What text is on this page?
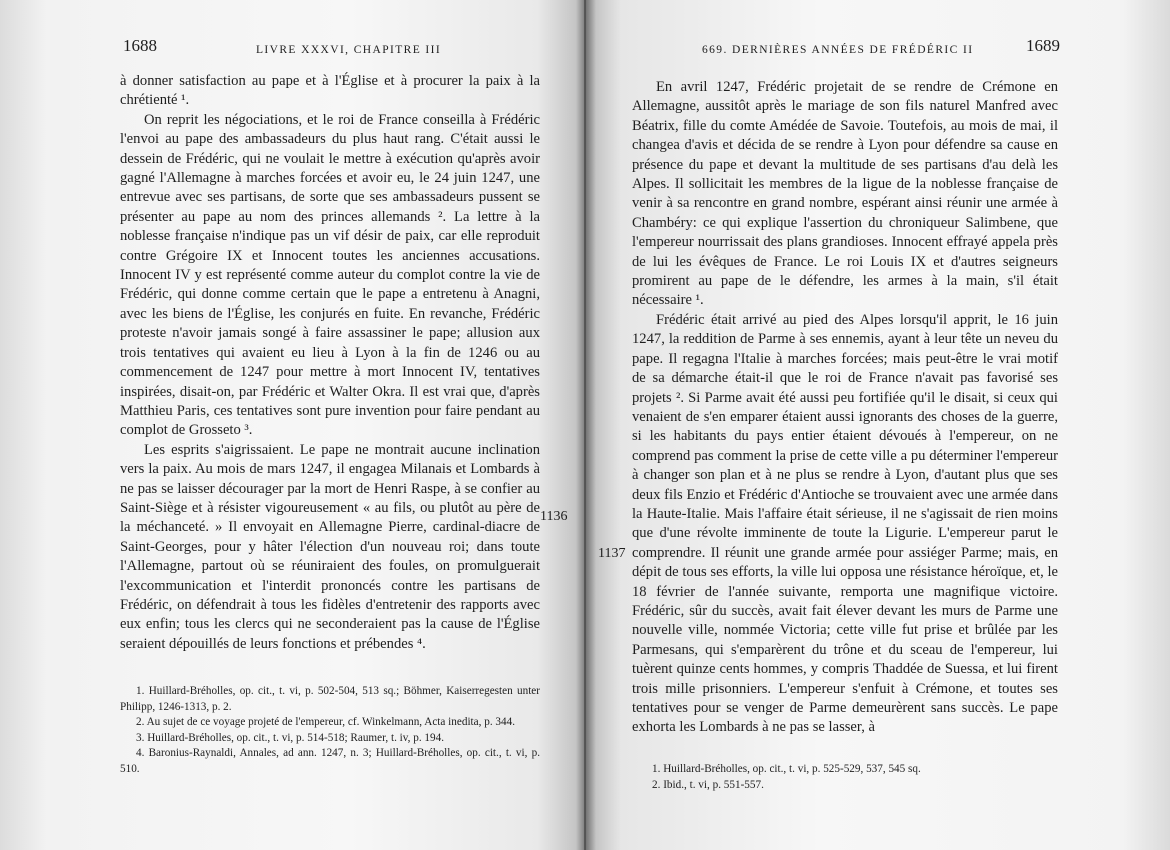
1688	LIVRE XXXVI, CHAPITRE III

à donner satisfaction au pape et à l'Église et à procurer la paix à la chrétienté ¹.

On reprit les négociations, et le roi de France conseilla à Frédéric l'envoi au pape des ambassadeurs du plus haut rang. C'était aussi le dessein de Frédéric, qui ne voulait le mettre à exécution qu'après avoir gagné l'Allemagne à marches forcées et avoir eu, le 24 juin 1247, une entrevue avec ses partisans, de sorte que ses ambassadeurs pussent se présenter au pape au nom des princes allemands ². La lettre à la noblesse française n'indique pas un vif désir de paix, car elle reproduit contre Grégoire IX et Innocent toutes les anciennes accusations. Innocent IV y est représenté comme auteur du complot contre la vie de Frédéric, qui donne comme certain que le pape a entretenu à Anagni, avec les biens de l'Église, les conjurés en fuite. En revanche, Frédéric proteste n'avoir jamais songé à faire assassiner le pape; allusion aux trois tentatives qui avaient eu lieu à Lyon à la fin de 1246 ou au commencement de 1247 pour mettre à mort Innocent IV, tentatives inspirées, disait-on, par Frédéric et Walter Okra. Il est vrai que, d'après Matthieu Paris, ces tentatives sont pure invention pour faire pendant au complot de Grosseto ³.

Les esprits s'aigrissaient. Le pape ne montrait aucune inclination vers la paix. Au mois de mars 1247, il engagea Milanais et Lombards à ne pas se laisser décourager par la mort de Henri Raspe, à se confier au Saint-Siège et à résister vigoureusement « au fils, ou plutôt au père de la méchanceté. » Il envoyait en Allemagne Pierre, cardinal-diacre de Saint-Georges, pour y hâter l'élection d'un nouveau roi; dans toute l'Allemagne, partout où se réuniraient des foules, on promulguerait l'excommunication et l'interdit prononcés contre les partisans de Frédéric, on défendrait à tous les fidèles d'entretenir des rapports avec eux enfin; tous les clercs qui ne seconderaient pas la cause de l'Église seraient dépouillés de leurs fonctions et prébendes ⁴.

1136

1. Huillard-Bréholles, op. cit., t. vi, p. 502-504, 513 sq.; Böhmer, Kaiserregesten unter Philipp, 1246-1313, p. 2.

2. Au sujet de ce voyage projeté de l'empereur, cf. Winkelmann, Acta inedita, p. 344.

3. Huillard-Bréholles, op. cit., t. vi, p. 514-518; Raumer, t. iv, p. 194.

4. Baronius-Raynaldi, Annales, ad ann. 1247, n. 3; Huillard-Bréholles, op. cit., t. vi, p. 510.

669. DERNIÈRES ANNÉES DE FRÉDÉRIC II	1689
1137

En avril 1247, Frédéric projetait de se rendre de Crémone en Allemagne, aussitôt après le mariage de son fils naturel Manfred avec Béatrix, fille du comte Amédée de Savoie. Toutefois, au mois de mai, il changea d'avis et décida de se rendre à Lyon pour défendre sa cause en présence du pape et devant la multitude de ses partisans d'au delà les Alpes. Il sollicitait les membres de la ligue de la noblesse française de venir à sa rencontre en grand nombre, espérant ainsi réunir une armée à Chambéry: ce qui explique l'assertion du chroniqueur Salimbene, que l'empereur nourrissait des plans grandioses. Innocent effrayé appela près de lui les évêques de France. Le roi Louis IX et d'autres seigneurs promirent au pape de le défendre, les armes à la main, s'il était nécessaire ¹.

Frédéric était arrivé au pied des Alpes lorsqu'il apprit, le 16 juin 1247, la reddition de Parme à ses ennemis, ayant à leur tête un neveu du pape. Il regagna l'Italie à marches forcées; mais peut-être le vrai motif de sa démarche était-il que le roi de France n'avait pas favorisé ses projets ². Si Parme avait été aussi peu fortifiée qu'il le disait, si ceux qui venaient de s'en emparer étaient aussi ignorants des choses de la guerre, si les habitants du pays entier étaient dévoués à l'empereur, on ne comprend pas comment la prise de cette ville a pu déterminer l'empereur à changer son plan et à ne plus se rendre à Lyon, d'autant plus que ses deux fils Enzio et Frédéric d'Antioche se trouvaient avec une armée dans la Haute-Italie. Mais l'affaire était sérieuse, il ne s'agissait de rien moins que d'une révolte imminente de toute la Ligurie. L'empereur parut le comprendre. Il réunit une grande armée pour assiéger Parme; mais, en dépit de tous ses efforts, la ville lui opposa une résistance héroïque, et, le 18 février de l'année suivante, remporta une magnifique victoire. Frédéric, sûr du succès, avait fait élever devant les murs de Parme une nouvelle ville, nommée Victoria; cette ville fut prise et brûlée par les Parmesans, qui s'emparèrent du trône et du sceau de l'empereur, lui tuèrent quinze cents hommes, y compris Thaddée de Suessa, et lui firent trois mille prisonniers. L'empereur s'enfuit à Crémone, et toutes ses tentatives pour se venger de Parme demeurèrent sans succès. Le pape exhorta les Lombards à ne pas se lasser, à

1. Huillard-Bréholles, op. cit., t. vi, p. 525-529, 537, 545 sq.

2. Ibid., t. vi, p. 551-557.
